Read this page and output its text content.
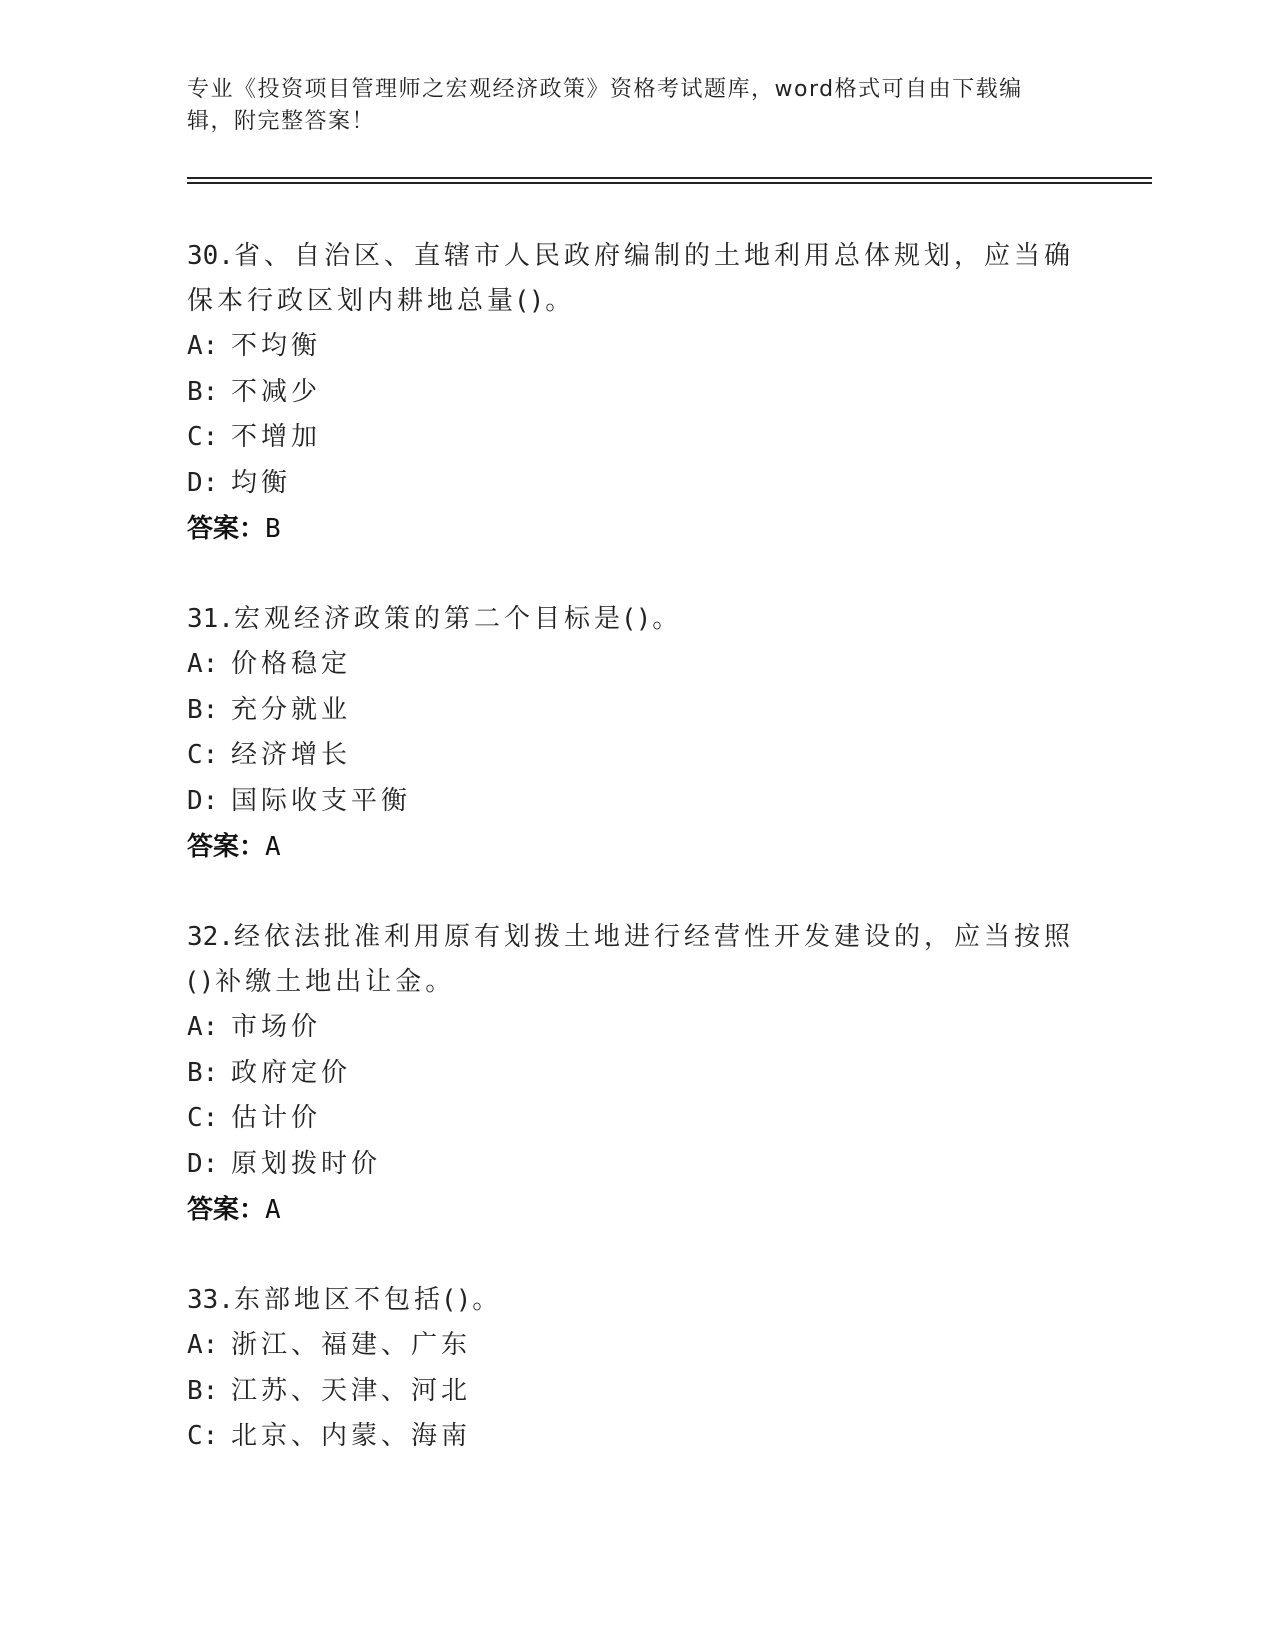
专业《投资项目管理师之宏观经济政策》资格考试题库，word格式可自由下载编辑，附完整答案！

30.省、自治区、直辖市人民政府编制的土地利用总体规划，应当确保本行政区划内耕地总量()。

A: 不均衡

B: 不减少

C: 不增加

D: 均衡

答案：B

31.宏观经济政策的第二个目标是()。

A: 价格稳定

B: 充分就业

C: 经济增长

D: 国际收支平衡

答案：A

32.经依法批准利用原有划拨土地进行经营性开发建设的，应当按照()补缴土地出让金。

A: 市场价

B: 政府定价

C: 估计价

D: 原划拨时价

答案：A

33.东部地区不包括()。

A: 浙江、福建、广东

B: 江苏、天津、河北

C: 北京、内蒙、海南
